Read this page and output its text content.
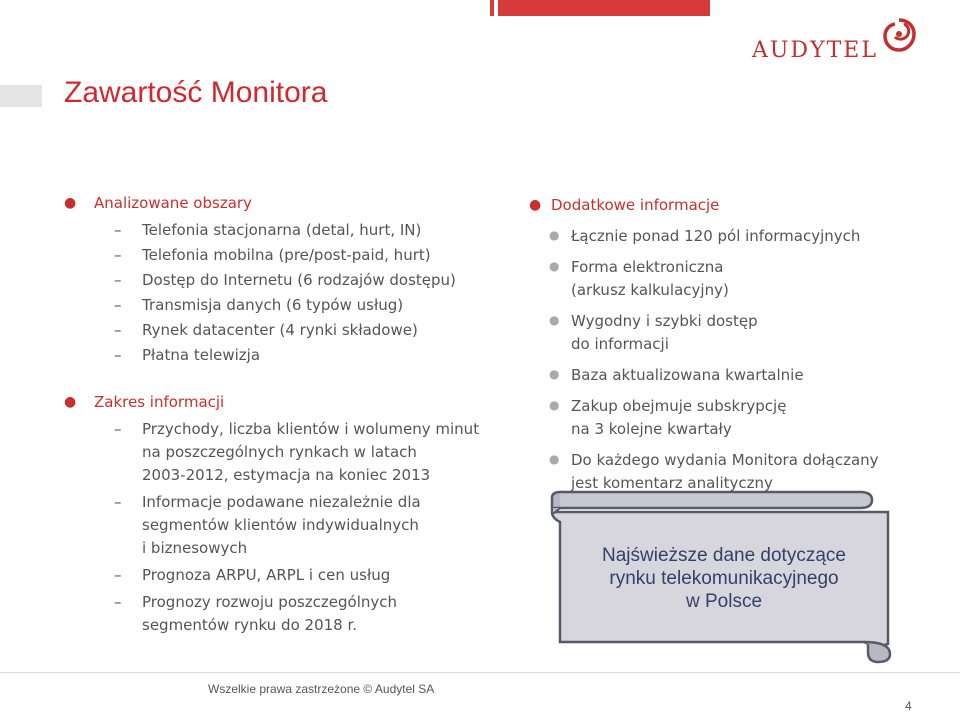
AUDYTEL
Zawartość Monitora
● Analizowane obszary
– Telefonia stacjonarna (detal, hurt, IN)
– Telefonia mobilna (pre/post-paid, hurt)
– Dostęp do Internetu (6 rodzajów dostępu)
– Transmisja danych (6 typów usług)
– Rynek datacenter (4 rynki składowe)
– Płatna telewizja
● Zakres informacji
– Przychody, liczba klientów i wolumeny minut
na poszczególnych rynkach w latach
2003-2012, estymacja na koniec 2013
– Informacje podawane niezależnie dla
segmentów klientów indywidualnych
i biznesowych
– Prognoza ARPU, ARPL i cen usług
– Prognozy rozwoju poszczególnych
segmentów rynku do 2018 r.
● Dodatkowe informacje
● Łącznie ponad 120 pól informacyjnych
● Forma elektroniczna
(arkusz kalkulacyjny)
● Wygodny i szybki dostęp
do informacji
● Baza aktualizowana kwartalnie
● Zakup obejmuje subskrypcję
na 3 kolejne kwartały
● Do każdego wydania Monitora dołączany
jest komentarz analityczny
Najświeższe dane dotyczące
rynku telekomunikacyjnego
w Polsce
Wszelkie prawa zastrzeżone © Audytel SA
4
